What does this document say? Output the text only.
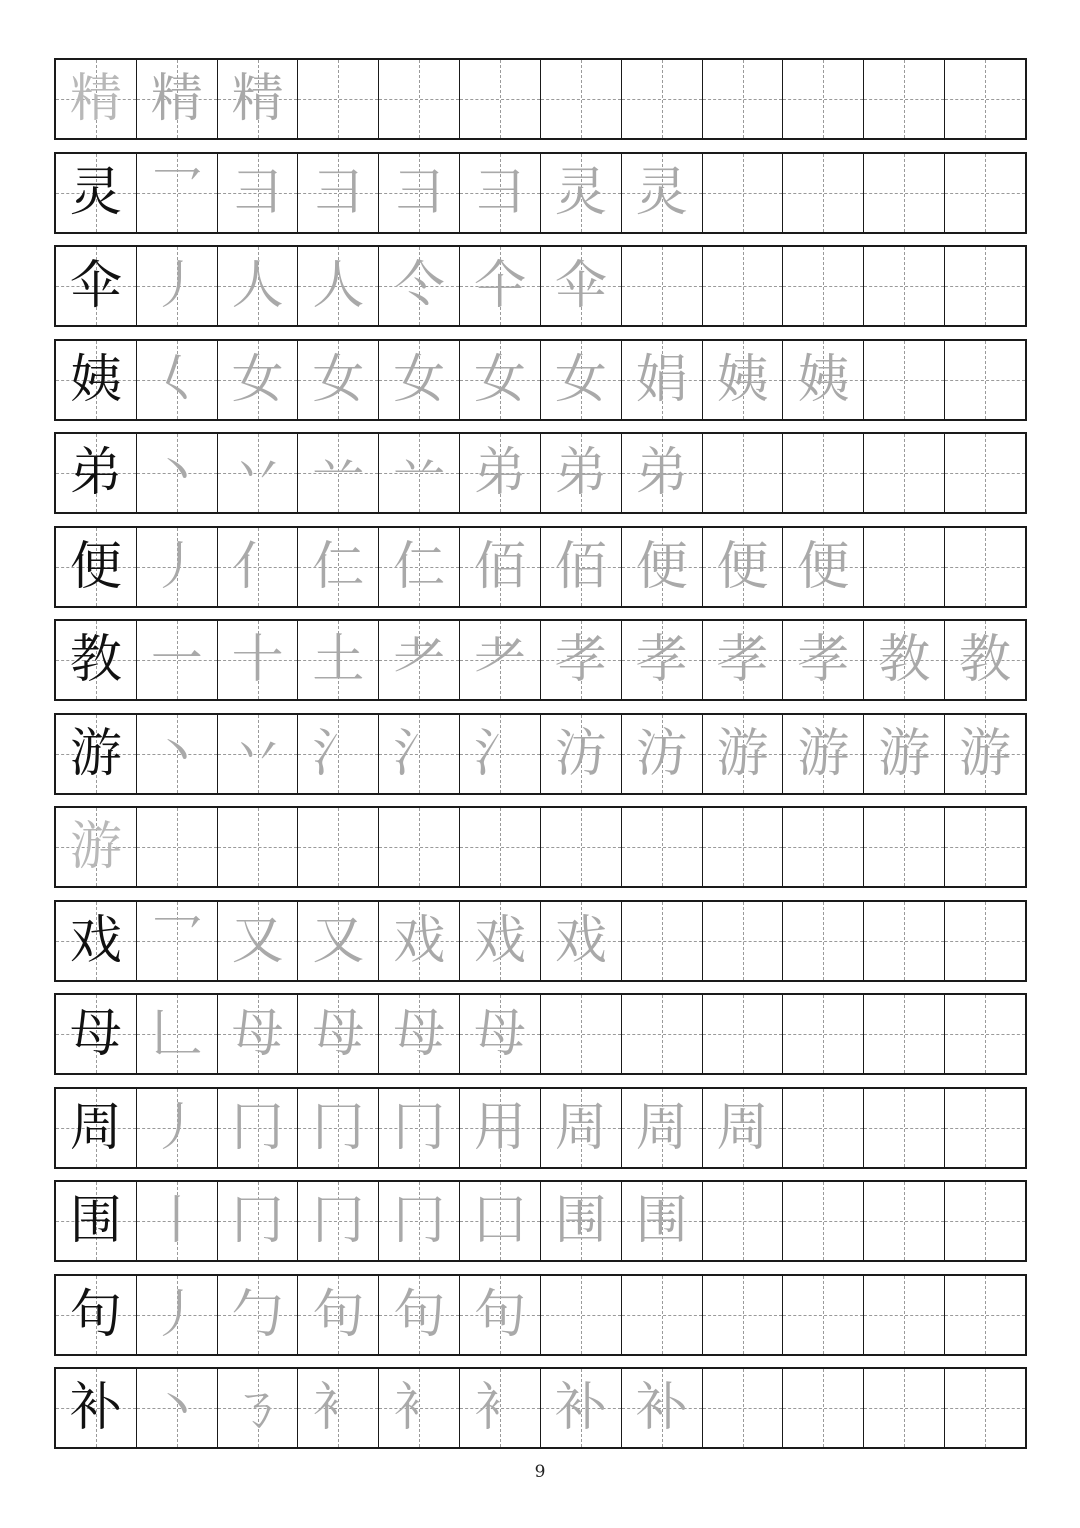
精 精 精
灵 乛 彐 彐 彐 彐 灵 灵
伞 丿 人 人 仒 仐 伞
姨 𡿨 女 女 女 女 女 娟 姨 姨
弟 丶 丷 䒑 䒑 弟 弟 弟
便 丿 亻 仁 仁 佰 佰 便 便 便
教 一 十 土 耂 耂 孝 孝 孝 孝 教 教
游 丶 丷 氵 氵 氵 汸 汸 游 游 游 游
游
戏 乛 又 又 戏 戏 戏
母 𠃊 母 母 母 母
周 丿 冂 冂 冂 用 周 周 周
围 丨 冂 冂 冂 囗 围 围
句 丿 勹 句 句 句
补 丶 ㄋ 衤 衤 衤 补 补
9
